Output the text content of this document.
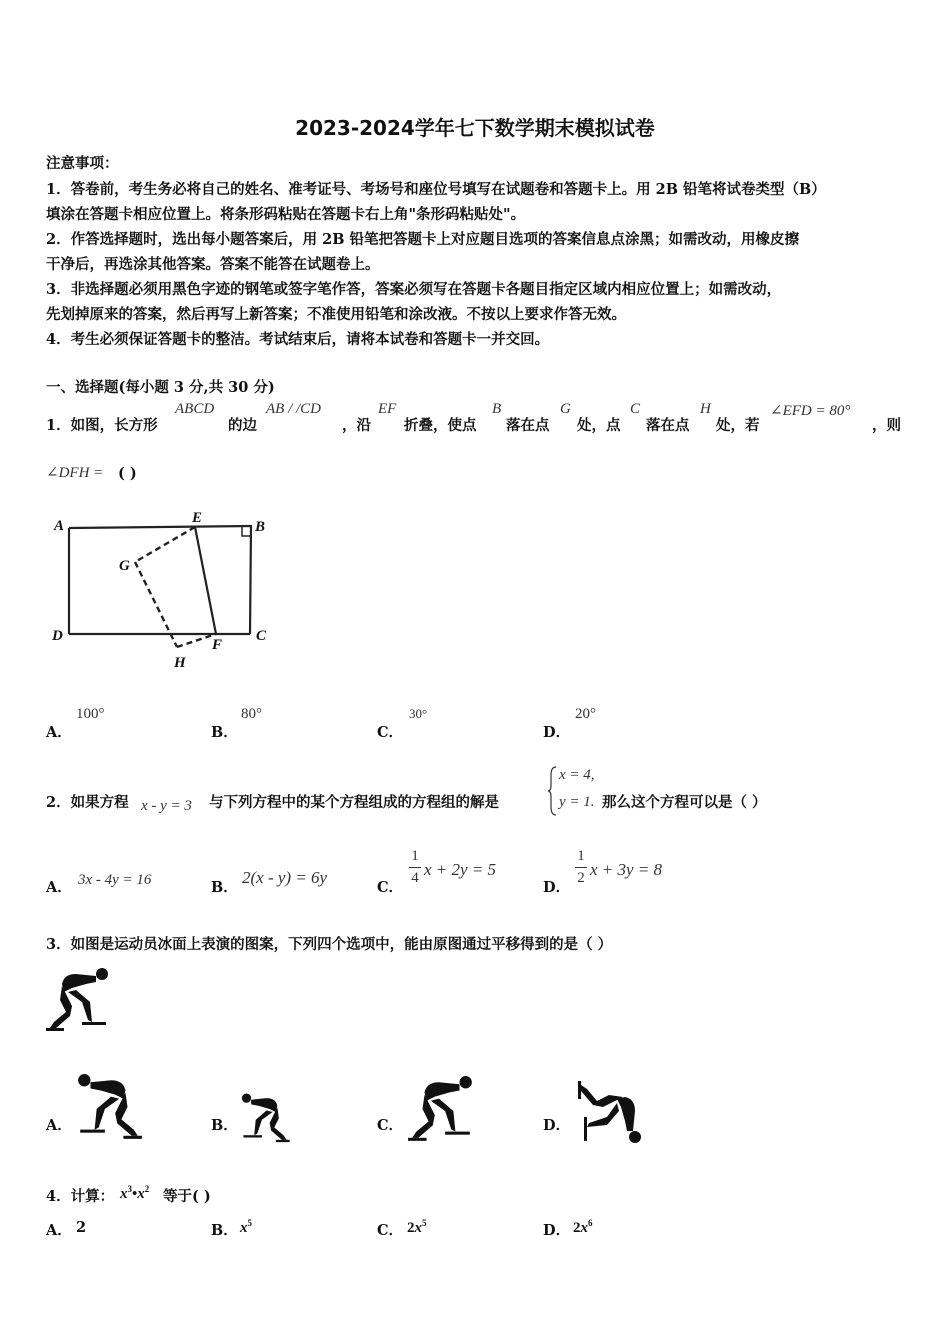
2023-2024学年七下数学期末模拟试卷
注意事项：
1．答卷前，考生务必将自己的姓名、准考证号、考场号和座位号填写在试题卷和答题卡上。用 2B 铅笔将试卷类型（B）
填涂在答题卡相应位置上。将条形码粘贴在答题卡右上角"条形码粘贴处"。
2．作答选择题时，选出每小题答案后，用 2B 铅笔把答题卡上对应题目选项的答案信息点涂黑；如需改动，用橡皮擦
干净后，再选涂其他答案。答案不能答在试题卷上。
3．非选择题必须用黑色字迹的钢笔或签字笔作答，答案必须写在答题卡各题目指定区域内相应位置上；如需改动，
先划掉原来的答案，然后再写上新答案；不准使用铅笔和涂改液。不按以上要求作答无效。
4．考生必须保证答题卡的整洁。考试结束后，请将本试卷和答题卡一并交回。
一、选择题(每小题 3 分,共 30 分)
1．如图，长方形
ABCD
的边
AB / /CD
，沿
EF
折叠，使点
B
落在点
G
处，点
C
落在点
H
处，若
∠EFD = 80°
，则
∠DFH = ( )
A	E
B
G
D	C
F
H
A．
100°
B．
80°
C．
30°
D．
20°
2．如果方程 x - y = 3 与下列方程中的某个方程组成的方程组的解是
x = 4,
y = 1. 那么这个方程可以是（ ）
A． 3x - 4y = 16	B．
2(x - y) = 6y
C．
1
4 x + 2y = 5
D．
1
2 x + 3y = 8
3．如图是运动员冰面上表演的图案，下列四个选项中，能由原图通过平移得到的是（ ）
A．	B．	C．	D．
4．计算： $x^3•x^2$ 等于( )
A． 2	B． $x^5$	C． $2x^5$	D． $2x^6$
